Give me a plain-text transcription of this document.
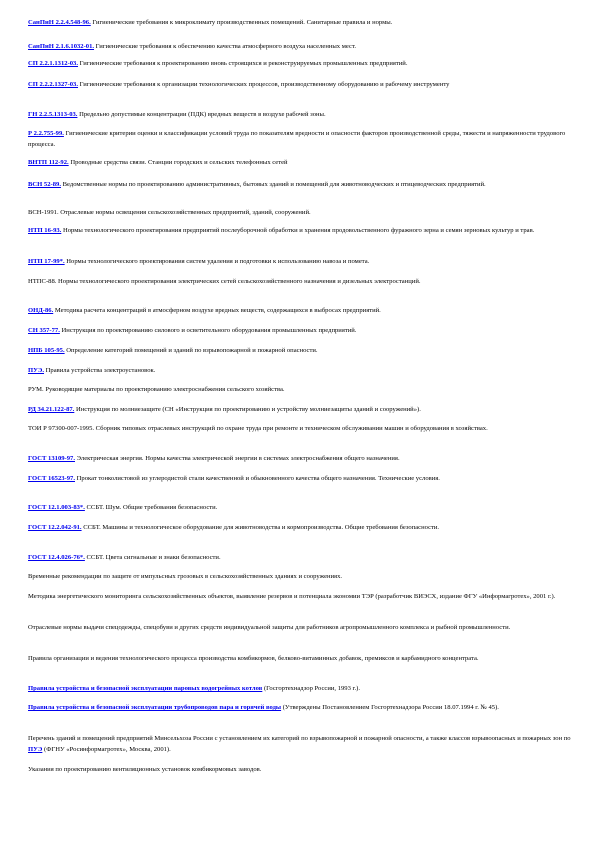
СанПиН 2.2.4.548-96. Гигиенические требования к микроклимату производственных помещений. Санитарные правила и нормы.

СанПиН 2.1.6.1032-01. Гигиенические требования к обеспечению качества атмосферного воздуха населенных мест.

СП 2.2.1.1312-03. Гигиенические требования к проектированию вновь строящихся и реконструируемых промышленных предприятий.

СП 2.2.2.1327-03. Гигиенические требования к организации технологических процессов, производственному оборудованию и рабочему инструменту

ГН 2.2.5.1313-03. Предельно допустимые концентрации (ПДК) вредных веществ в воздухе рабочей зоны.

Р 2.2.755-99. Гигиенические критерии оценки и классификации условий труда по показателям вредности и опасности факторов производственной среды, тяжести и напряженности трудового процесса.

ВНТП 112-92. Проводные средства связи. Станции городских и сельских телефонных сетей

ВСН 52-89. Ведомственные нормы по проектированию административных, бытовых зданий и помещений для животноводческих и птицеводческих предприятий.

ВСН-1991. Отраслевые нормы освещения сельскохозяйственных предприятий, зданий, сооружений.

НТП 16-93. Нормы технологического проектирования предприятий послеуборочной обработки и хранения продовольственного фуражного зерна и семян зерновых культур и трав.

НТП 17-99*. Нормы технологического проектирования систем удаления и подготовки к использованию навоза и помета.

НТПС-88. Нормы технологического проектирования электрических сетей сельскохозяйственного назначения и дизельных электростанций.

ОНД-86. Методика расчета концентраций в атмосферном воздухе вредных веществ, содержащихся в выбросах предприятий.

СН 357-77. Инструкция по проектированию силового и осветительного оборудования промышленных предприятий.

НПБ 105-95. Определение категорий помещений и зданий по взрывопожарной и пожарной опасности.

ПУЭ. Правила устройства электроустановок.

РУМ. Руководящие материалы по проектированию электроснабжения сельского хозяйства.

РД 34.21.122-87. Инструкция по молниезащите (СН «Инструкция по проектированию и устройству молниезащиты зданий и сооружений»).

ТОИ Р 97300-007-1995. Сборник типовых отраслевых инструкций по охране труда при ремонте и техническом обслуживании машин и оборудования в хозяйствах.

ГОСТ 13109-97. Электрическая энергия. Нормы качества электрической энергии в системах электроснабжения общего назначения.

ГОСТ 16523-97. Прокат тонколистовой из углеродистой стали качественной и обыкновенного качества общего назначения. Технические условия.

ГОСТ 12.1.003-83*. ССБТ. Шум. Общие требования безопасности.

ГОСТ 12.2.042-91. ССБТ. Машины и технологическое оборудование для животноводства и кормопроизводства. Общие требования безопасности.

ГОСТ 12.4.026-76*. ССБТ. Цвета сигнальные и знаки безопасности.

Временные рекомендации по защите от импульсных грозовых в сельскохозяйственных зданиях и сооружениях.

Методика энергетического мониторинга сельскохозяйственных объектов, выявление резервов и потенциала экономии ТЭР (разработчик ВИЭСХ, издание ФГУ «Информагротех», 2001 г.).

Отраслевые нормы выдачи спецодежды, спецобуви и других средств индивидуальной защиты для работников агропромышленного комплекса и рыбной промышленности.

Правила организации и ведения технологического процесса производства комбикормов, белково-витаминных добавок, премиксов и карбамидного концентрата.

Правила устройства и безопасной эксплуатации паровых водогрейных котлов (Госгортехнадзор России, 1993 г.).

Правила устройства и безопасной эксплуатации трубопроводов пара и горячей воды (Утверждены Постановлением Госгортехнадзора России 18.07.1994 г. № 45).

Перечень зданий и помещений предприятий Минсельхоза России с установлением их категорий по взрывопожарной и пожарной опасности, а также классов взрывоопасных и пожарных зон по ПУЭ (ФГНУ «Росинформагротех», Москва, 2001).

Указания по проектированию вентиляционных установок комбикормовых заводов.
